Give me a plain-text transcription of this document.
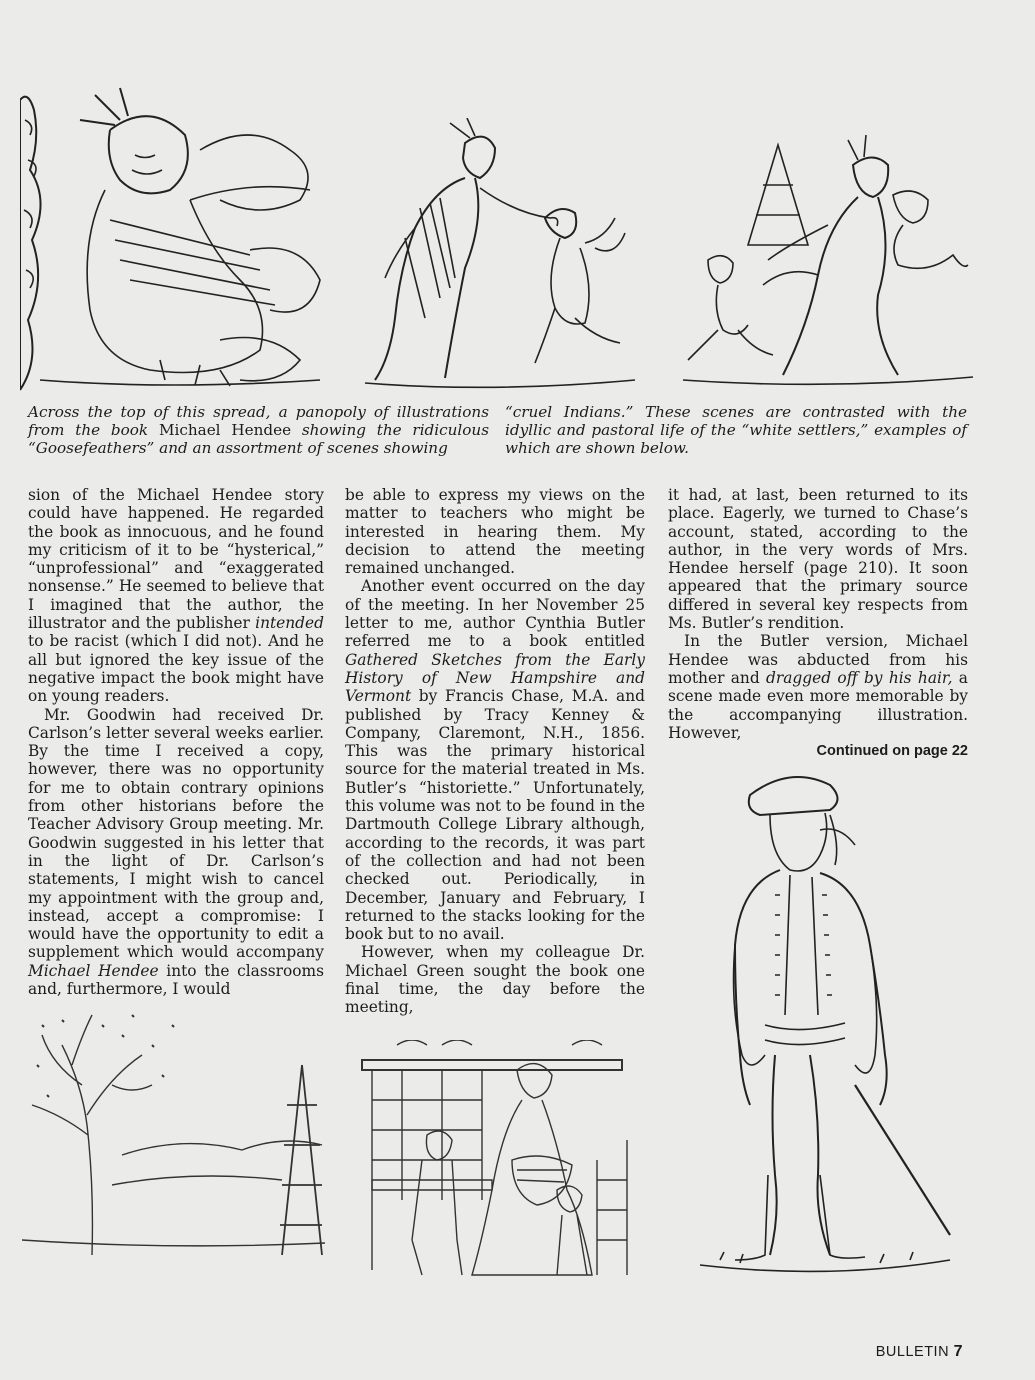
Across the top of this spread, a panopoly of illustrations from the book Michael Hendee showing the ridiculous “Goosefeathers” and an assortment of scenes showing
“cruel Indians.” These scenes are contrasted with the idyllic and pastoral life of the “white settlers,” examples of which are shown below.

sion of the Michael Hendee story could have happened. He regarded the book as innocuous, and he found my criticism of it to be “hysterical,” “unprofessional” and “exaggerated nonsense.” He seemed to believe that I imagined that the author, the illustrator and the publisher intended to be racist (which I did not). And he all but ignored the key issue of the negative impact the book might have on young readers.

Mr. Goodwin had received Dr. Carlson’s letter several weeks earlier. By the time I received a copy, however, there was no opportunity for me to obtain contrary opinions from other historians before the Teacher Advisory Group meeting. Mr. Goodwin suggested in his letter that in the light of Dr. Carlson’s statements, I might wish to cancel my appointment with the group and, instead, accept a compromise: I would have the opportunity to edit a supplement which would accompany Michael Hendee into the classrooms and, furthermore, I would

be able to express my views on the matter to teachers who might be interested in hearing them. My decision to attend the meeting remained unchanged.

Another event occurred on the day of the meeting. In her November 25 letter to me, author Cynthia Butler referred me to a book entitled Gathered Sketches from the Early History of New Hampshire and Vermont by Francis Chase, M.A. and published by Tracy Kenney & Company, Claremont, N.H., 1856. This was the primary historical source for the material treated in Ms. Butler’s “historiette.” Unfortunately, this volume was not to be found in the Dartmouth College Library although, according to the records, it was part of the collection and had not been checked out. Periodically, in December, January and February, I returned to the stacks looking for the book but to no avail.

However, when my colleague Dr. Michael Green sought the book one final time, the day before the meeting,

it had, at last, been returned to its place. Eagerly, we turned to Chase’s account, stated, according to the author, in the very words of Mrs. Hendee herself (page 210). It soon appeared that the primary source differed in several key respects from Ms. Butler’s rendition.

In the Butler version, Michael Hendee was abducted from his mother and dragged off by his hair, a scene made even more memorable by the accompanying illustration. However,

Continued on page 22

BULLETIN 7
